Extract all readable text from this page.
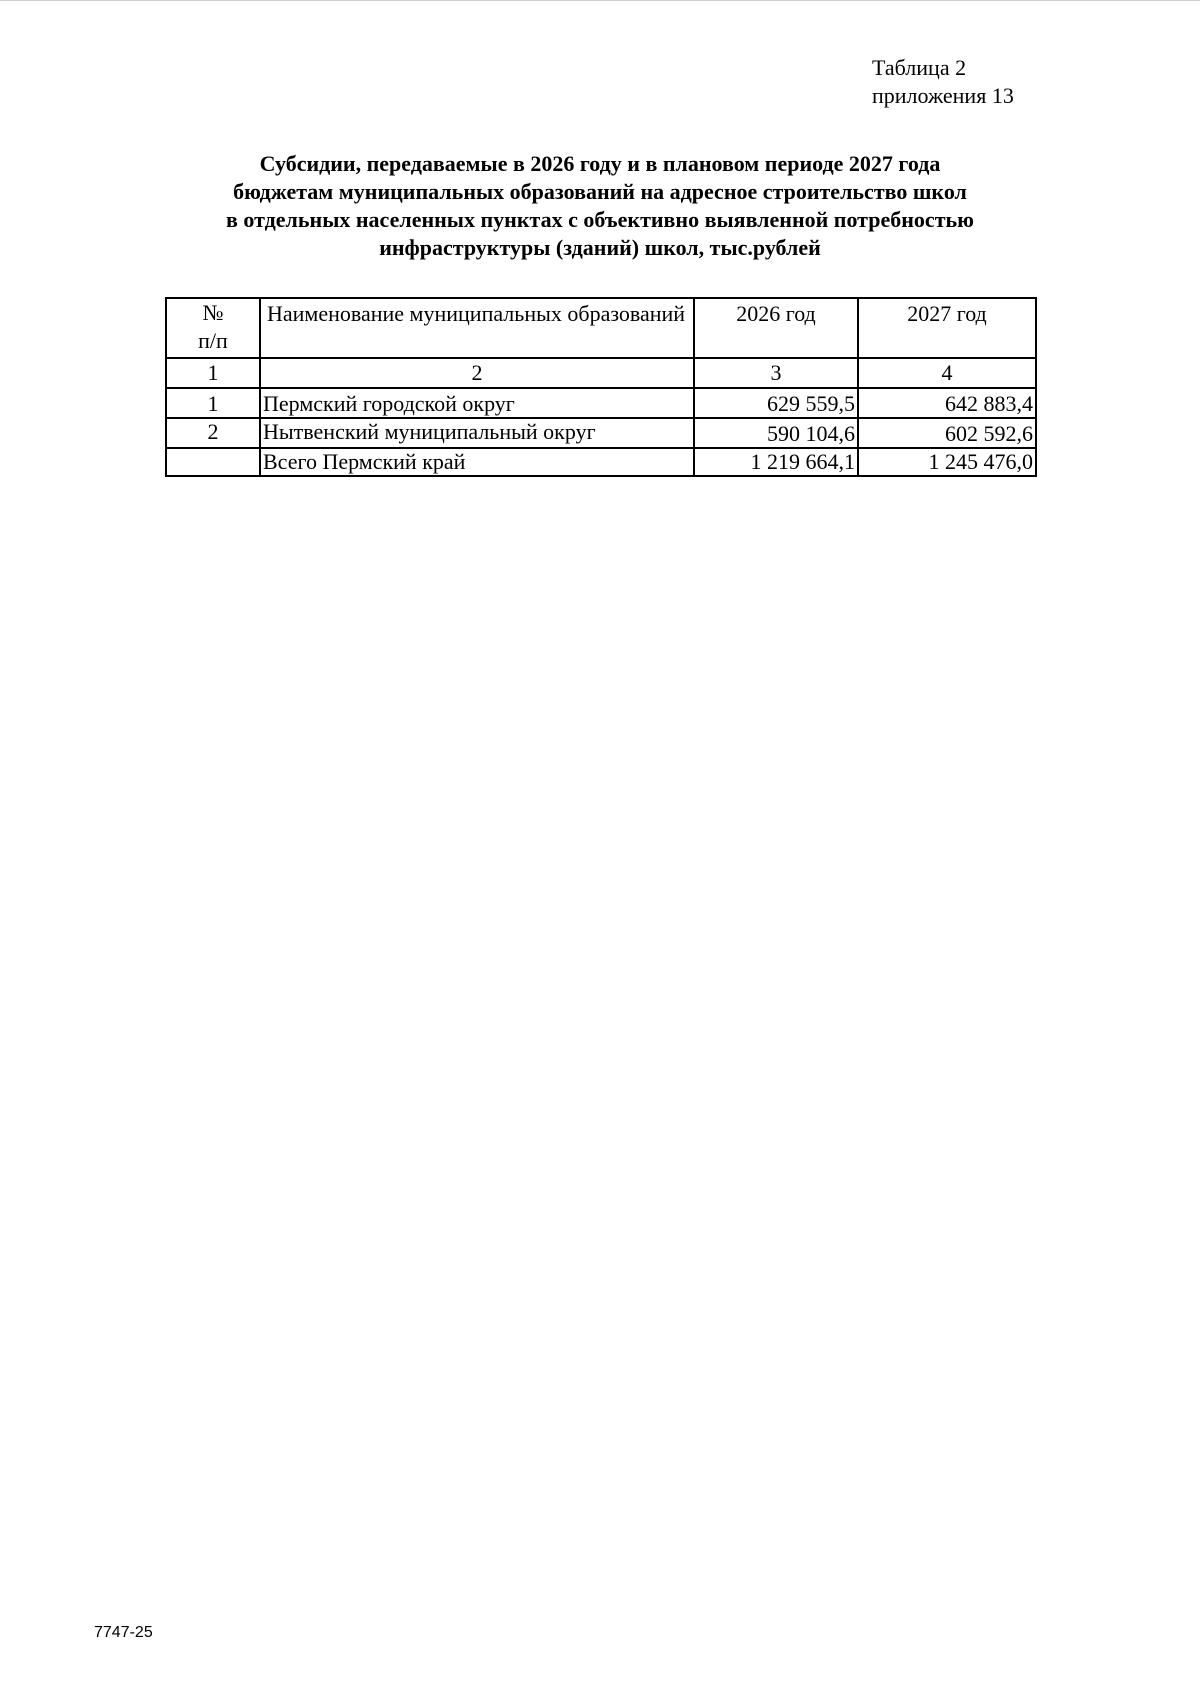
Таблица 2
приложения 13
Субсидии, передаваемые в 2026 году и в плановом периоде 2027 года
бюджетам муниципальных образований на адресное строительство школ
в отдельных населенных пунктах с объективно выявленной потребностью
инфраструктуры (зданий) школ, тыс.рублей
№
п/п	Наименование муниципальных образований	2026 год	2027 год
1	2	3	4
1	Пермский городской округ	629 559,5	642 883,4
2	Нытвенский муниципальный округ	590 104,6	602 592,6
	Всего Пермский край	1 219 664,1	1 245 476,0
7747-25
